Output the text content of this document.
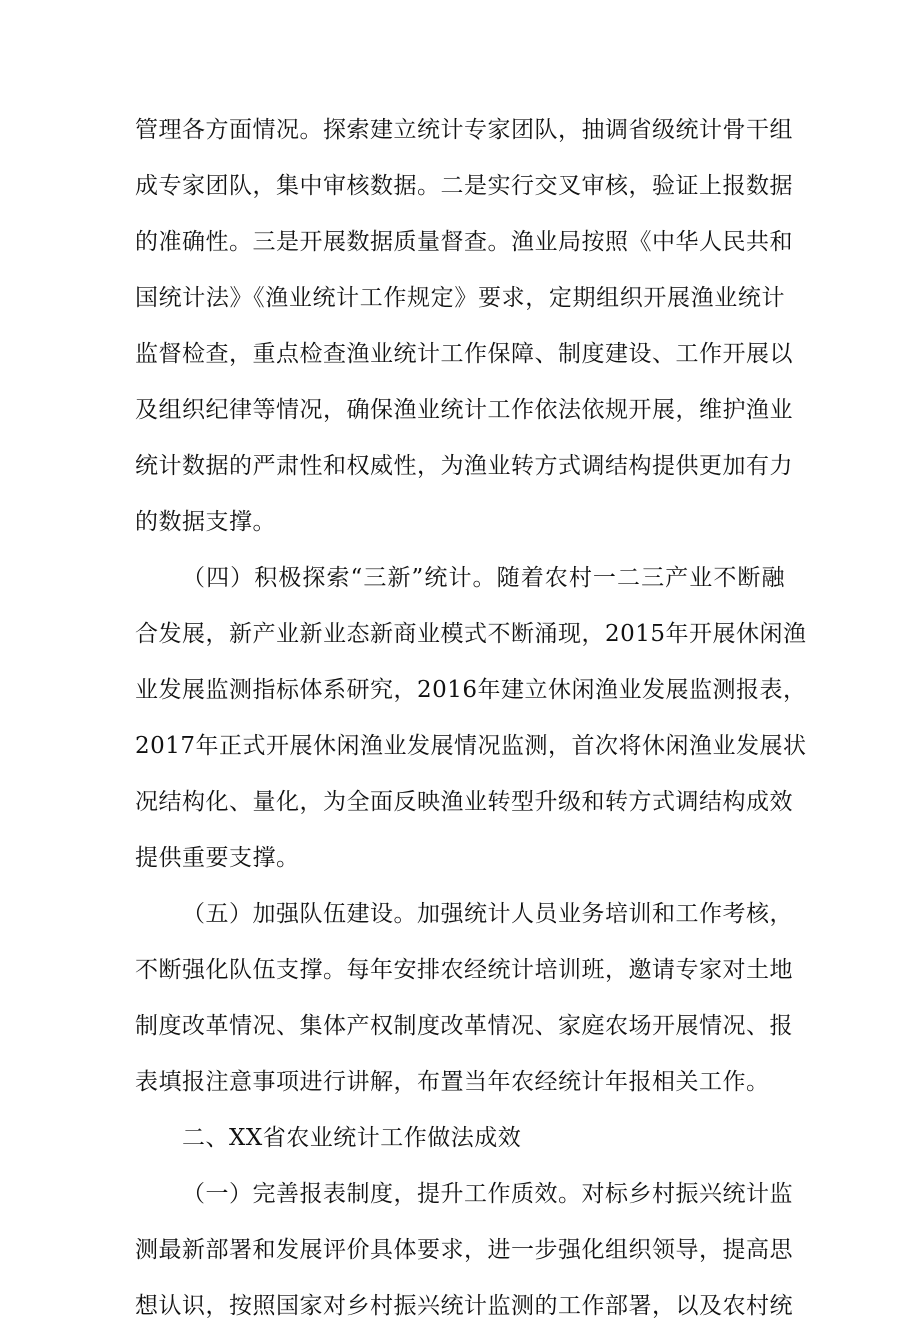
管理各方面情况。探索建立统计专家团队，抽调省级统计骨干组
成专家团队，集中审核数据。二是实行交叉审核，验证上报数据
的准确性。三是开展数据质量督查。渔业局按照《中华人民共和
国统计法》《渔业统计工作规定》要求，定期组织开展渔业统计
监督检查，重点检查渔业统计工作保障、制度建设、工作开展以
及组织纪律等情况，确保渔业统计工作依法依规开展，维护渔业
统计数据的严肃性和权威性，为渔业转方式调结构提供更加有力
的数据支撑。
（四）积极探索“三新”统计。随着农村一二三产业不断融
合发展，新产业新业态新商业模式不断涌现，2015年开展休闲渔
业发展监测指标体系研究，2016年建立休闲渔业发展监测报表，
2017年正式开展休闲渔业发展情况监测，首次将休闲渔业发展状
况结构化、量化，为全面反映渔业转型升级和转方式调结构成效
提供重要支撑。
（五）加强队伍建设。加强统计人员业务培训和工作考核，
不断强化队伍支撑。每年安排农经统计培训班，邀请专家对土地
制度改革情况、集体产权制度改革情况、家庭农场开展情况、报
表填报注意事项进行讲解，布置当年农经统计年报相关工作。
二、XX省农业统计工作做法成效
（一）完善报表制度，提升工作质效。对标乡村振兴统计监
测最新部署和发展评价具体要求，进一步强化组织领导，提高思
想认识，按照国家对乡村振兴统计监测的工作部署，以及农村统
